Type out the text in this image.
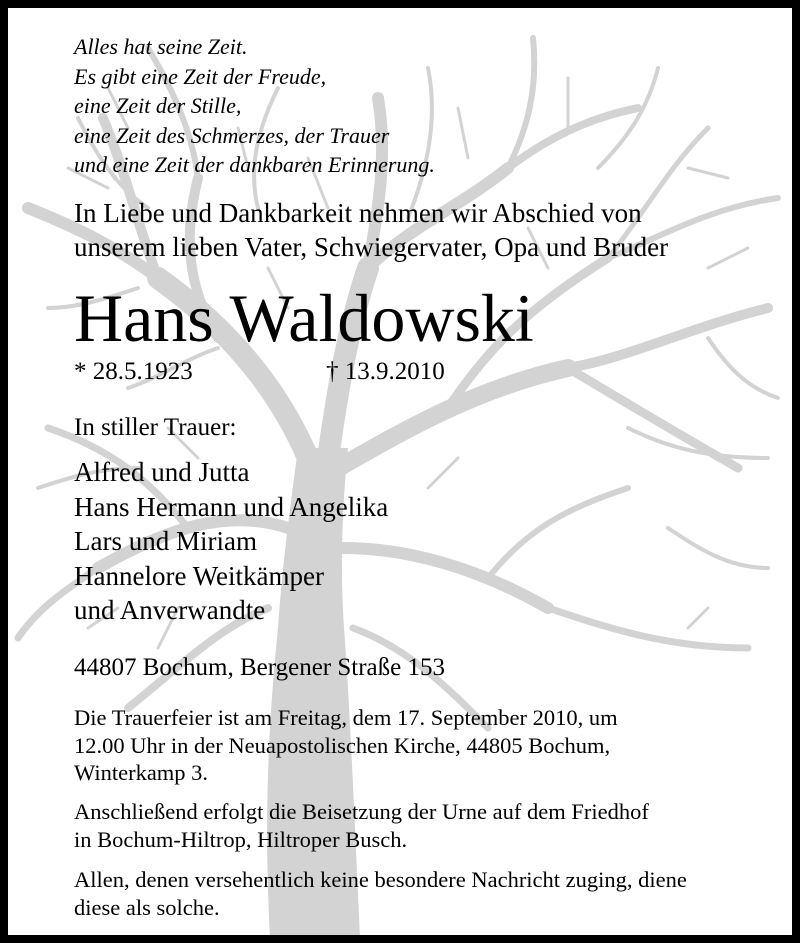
Alles hat seine Zeit.
Es gibt eine Zeit der Freude,
eine Zeit der Stille,
eine Zeit des Schmerzes, der Trauer
und eine Zeit der dankbaren Erinnerung.
In Liebe und Dankbarkeit nehmen wir Abschied von
unserem lieben Vater, Schwiegervater, Opa und Bruder
Hans Waldowski
* 28.5.1923	† 13.9.2010
In stiller Trauer:
Alfred und Jutta
Hans Hermann und Angelika
Lars und Miriam
Hannelore Weitkämper
und Anverwandte
44807 Bochum, Bergener Straße 153
Die Trauerfeier ist am Freitag, dem 17. September 2010, um
12.00 Uhr in der Neuapostolischen Kirche, 44805 Bochum,
Winterkamp 3.
Anschließend erfolgt die Beisetzung der Urne auf dem Friedhof
in Bochum-Hiltrop, Hiltroper Busch.
Allen, denen versehentlich keine besondere Nachricht zuging, diene
diese als solche.
